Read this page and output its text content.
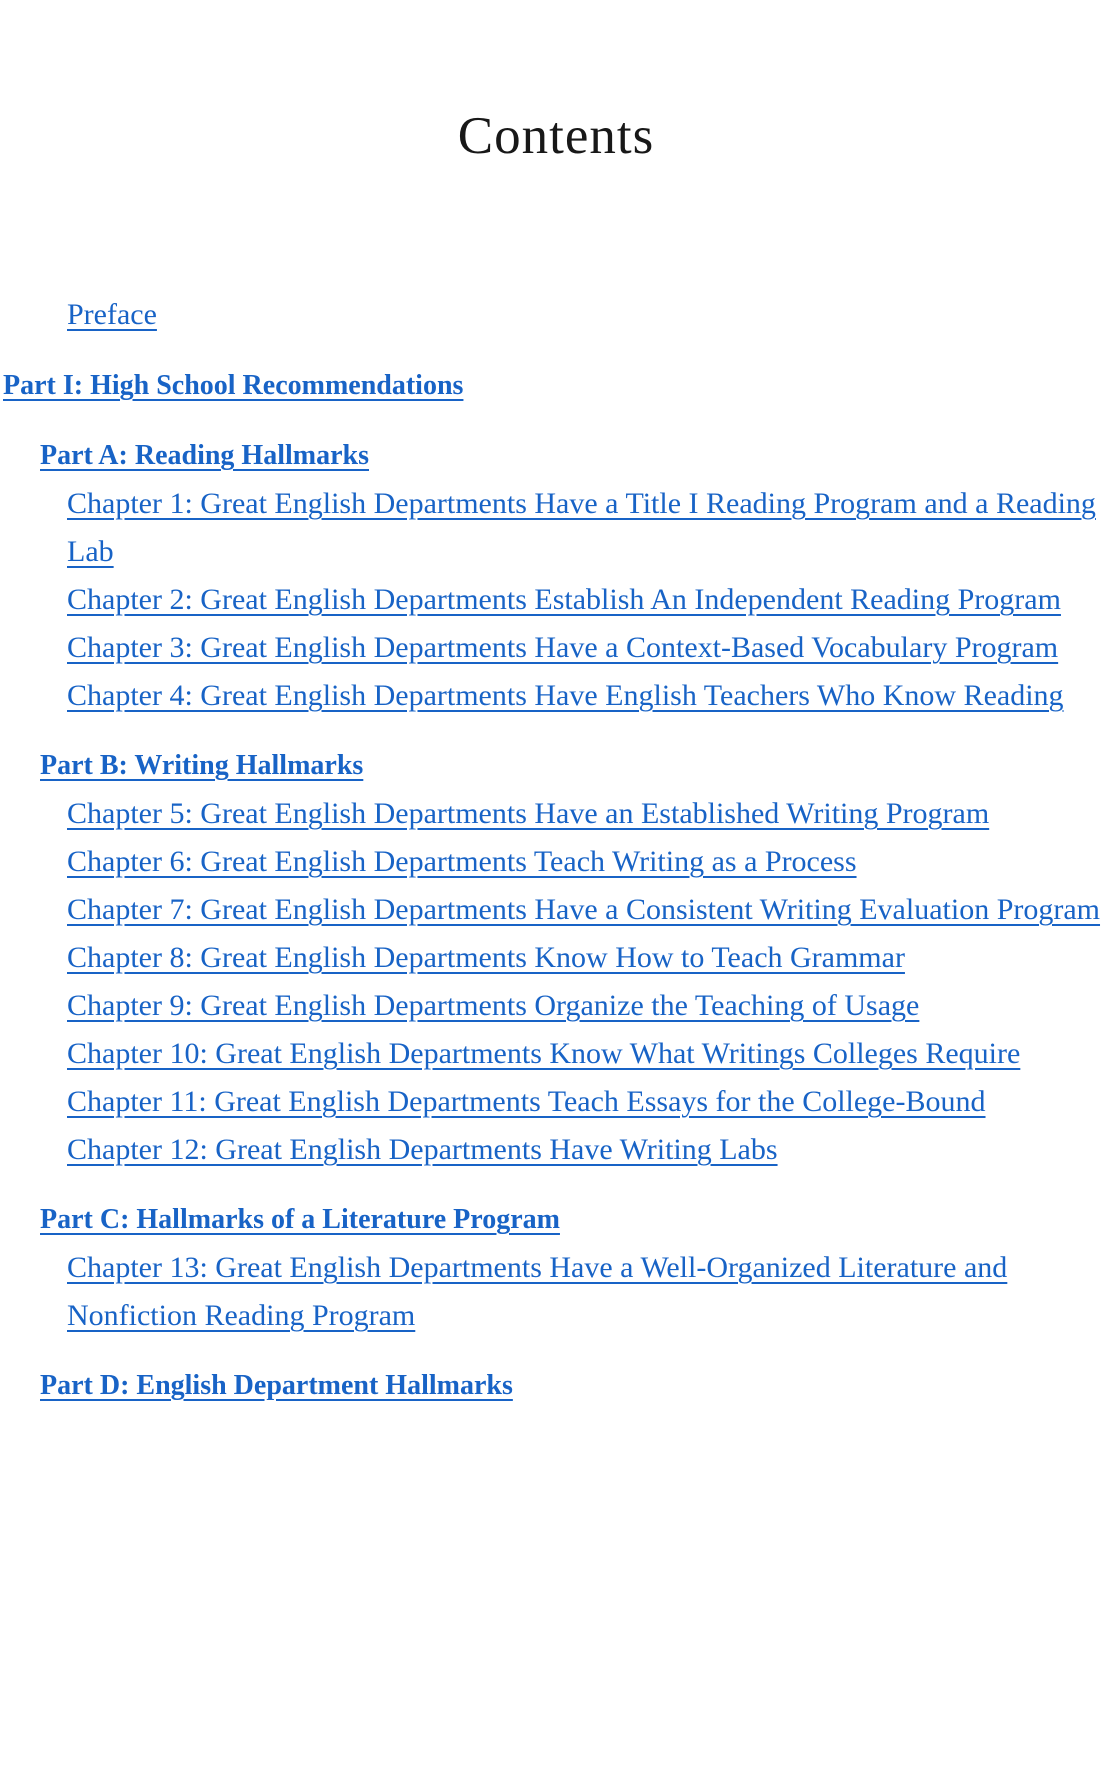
Contents
Preface
Part I: High School Recommendations
Part A: Reading Hallmarks
Chapter 1: Great English Departments Have a Title I Reading Program and a Reading Lab
Chapter 2: Great English Departments Establish An Independent Reading Program
Chapter 3: Great English Departments Have a Context-Based Vocabulary Program
Chapter 4: Great English Departments Have English Teachers Who Know Reading
Part B: Writing Hallmarks
Chapter 5: Great English Departments Have an Established Writing Program
Chapter 6: Great English Departments Teach Writing as a Process
Chapter 7: Great English Departments Have a Consistent Writing Evaluation Program
Chapter 8: Great English Departments Know How to Teach Grammar
Chapter 9: Great English Departments Organize the Teaching of Usage
Chapter 10: Great English Departments Know What Writings Colleges Require
Chapter 11: Great English Departments Teach Essays for the College-Bound
Chapter 12: Great English Departments Have Writing Labs
Part C: Hallmarks of a Literature Program
Chapter 13: Great English Departments Have a Well-Organized Literature and Nonfiction Reading Program
Part D: English Department Hallmarks
